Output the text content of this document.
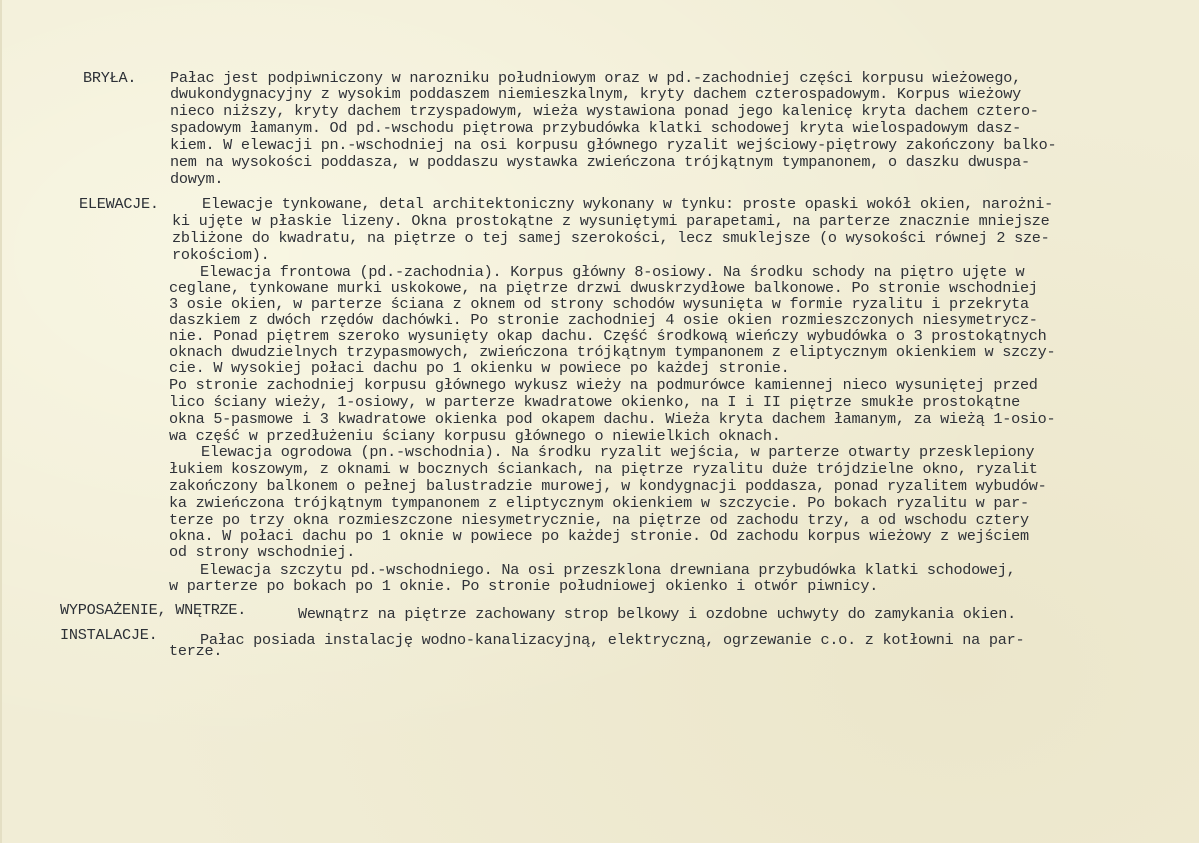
BRYŁA. Pałac jest podpiwniczony w narozniku południowym oraz w pd.-zachodniej części korpusu wieżowego,
dwukondygnacyjny z wysokim poddaszem niemieszkalnym, kryty dachem czterospadowym. Korpus wieżowy
nieco niższy, kryty dachem trzyspadowym, wieża wystawiona ponad jego kalenicę kryta dachem cztero-
spadowym łamanym. Od pd.-wschodu piętrowa przybudówka klatki schodowej kryta wielospadowym dasz-
kiem. W elewacji pn.-wschodniej na osi korpusu głównego ryzalit wejściowy-piętrowy zakończony balko-
nem na wysokości poddasza, w poddaszu wystawka zwieńczona trójkątnym tympanonem, o daszku dwuspa-
dowym.
ELEWACJE.	Elewacje tynkowane, detal architektoniczny wykonany w tynku: proste opaski wokół okien, narożni-
ki ujęte w płaskie lizeny. Okna prostokątne z wysuniętymi parapetami, na parterze znacznie mniejsze
zbliżone do kwadratu, na piętrze o tej samej szerokości, lecz smuklejsze (o wysokości równej 2 sze-
rokościom).
Elewacja frontowa (pd.-zachodnia). Korpus główny 8-osiowy. Na środku schody na piętro ujęte w
ceglane, tynkowane murki uskokowe, na piętrze drzwi dwuskrzydłowe balkonowe. Po stronie wschodniej
3 osie okien, w parterze ściana z oknem od strony schodów wysunięta w formie ryzalitu i przekryta
daszkiem z dwóch rzędów dachówki. Po stronie zachodniej 4 osie okien rozmieszczonych niesymetrycz-
nie. Ponad piętrem szeroko wysunięty okap dachu. Część środkową wieńczy wybudówka o 3 prostokątnych
oknach dwudzielnych trzypasmowych, zwieńczona trójkątnym tympanonem z eliptycznym okienkiem w szczy-
cie. W wysokiej połaci dachu po 1 okienku w powiece po każdej stronie.
Po stronie zachodniej korpusu głównego wykusz wieży na podmurówce kamiennej nieco wysuniętej przed
lico ściany wieży, 1-osiowy, w parterze kwadratowe okienko, na I i II piętrze smukłe prostokątne
okna 5-pasmowe i 3 kwadratowe okienka pod okapem dachu. Wieża kryta dachem łamanym, za wieżą 1-osio-
wa część w przedłużeniu ściany korpusu głównego o niewielkich oknach.
Elewacja ogrodowa (pn.-wschodnia). Na środku ryzalit wejścia, w parterze otwarty przesklepiony
łukiem koszowym, z oknami w bocznych ściankach, na piętrze ryzalitu duże trójdzielne okno, ryzalit
zakończony balkonem o pełnej balustradzie murowej, w kondygnacji poddasza, ponad ryzalitem wybudów-
ka zwieńczona trójkątnym tympanonem z eliptycznym okienkiem w szczycie. Po bokach ryzalitu w par-
terze po trzy okna rozmieszczone niesymetrycznie, na piętrze od zachodu trzy, a od wschodu cztery
okna. W połaci dachu po 1 oknie w powiece po każdej stronie. Od zachodu korpus wieżowy z wejściem
od strony wschodniej.
Elewacja szczytu pd.-wschodniego. Na osi przeszklona drewniana przybudówka klatki schodowej,
w parterze po bokach po 1 oknie. Po stronie południowej okienko i otwór piwnicy.
WYPOSAŻENIE, WNĘTRZE.	Wewnątrz na piętrze zachowany strop belkowy i ozdobne uchwyty do zamykania okien.
INSTALACJE.	Pałac posiada instalację wodno-kanalizacyjną, elektryczną, ogrzewanie c.o. z kotłowni na par-
terze.
